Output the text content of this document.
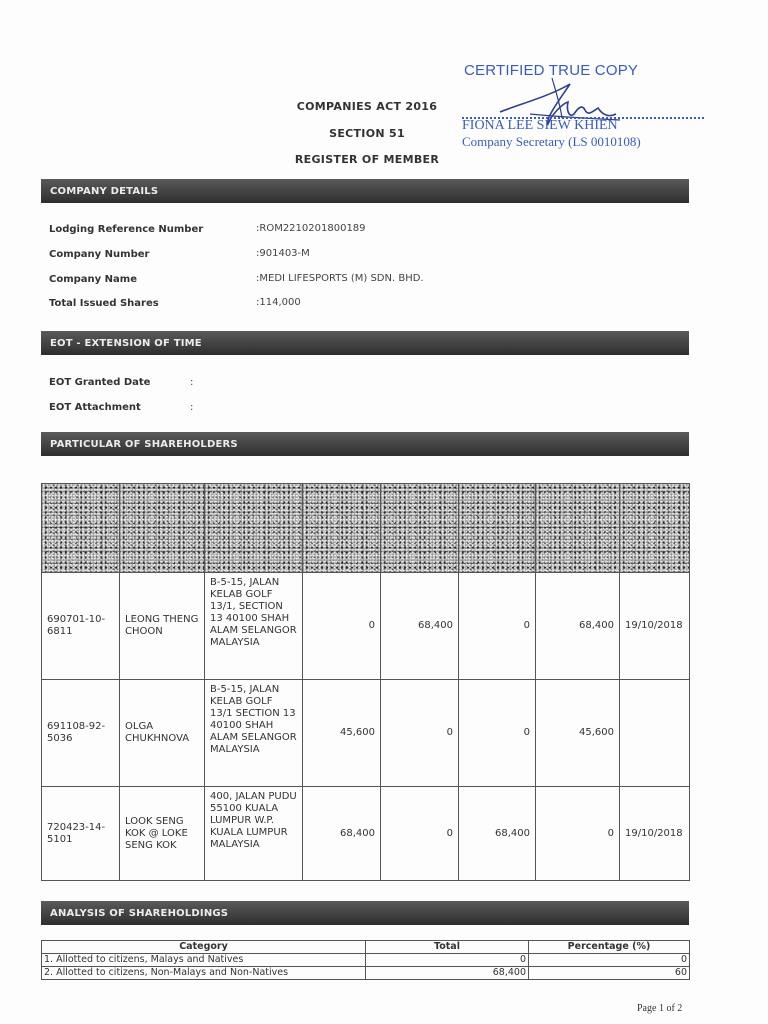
CERTIFIED TRUE COPY
FIONA LEE SIEW KHIEN
Company Secretary (LS 0010108)
COMPANIES ACT 2016
SECTION 51
REGISTER OF MEMBER
COMPANY DETAILS
Lodging Reference Number	:ROM2210201800189
Company Number	:901403-M
Company Name	:MEDI LIFESPORTS (M) SDN. BHD.
Total Issued Shares	:114,000
EOT - EXTENSION OF TIME
EOT Granted Date	:
EOT Attachment	:
PARTICULAR OF SHAREHOLDERS

690701-10-6811	LEONG THENG CHOON	B-5-15, JALAN KELAB GOLF 13/1, SECTION 13 40100 SHAH ALAM SELANGOR MALAYSIA	0	68,400	0	68,400	19/10/2018
691108-92-5036	OLGA CHUKHNOVA	B-5-15, JALAN KELAB GOLF 13/1 SECTION 13 40100 SHAH ALAM SELANGOR MALAYSIA	45,600	0	0	45,600	
720423-14-5101	LOOK SENG KOK @ LOKE SENG KOK	400, JALAN PUDU 55100 KUALA LUMPUR W.P. KUALA LUMPUR MALAYSIA	68,400	0	68,400	0	19/10/2018
ANALYSIS OF SHAREHOLDINGS
Category	Total	Percentage (%)
1. Allotted to citizens, Malays and Natives	0	0
2. Allotted to citizens, Non-Malays and Non-Natives	68,400	60
Page 1 of 2
